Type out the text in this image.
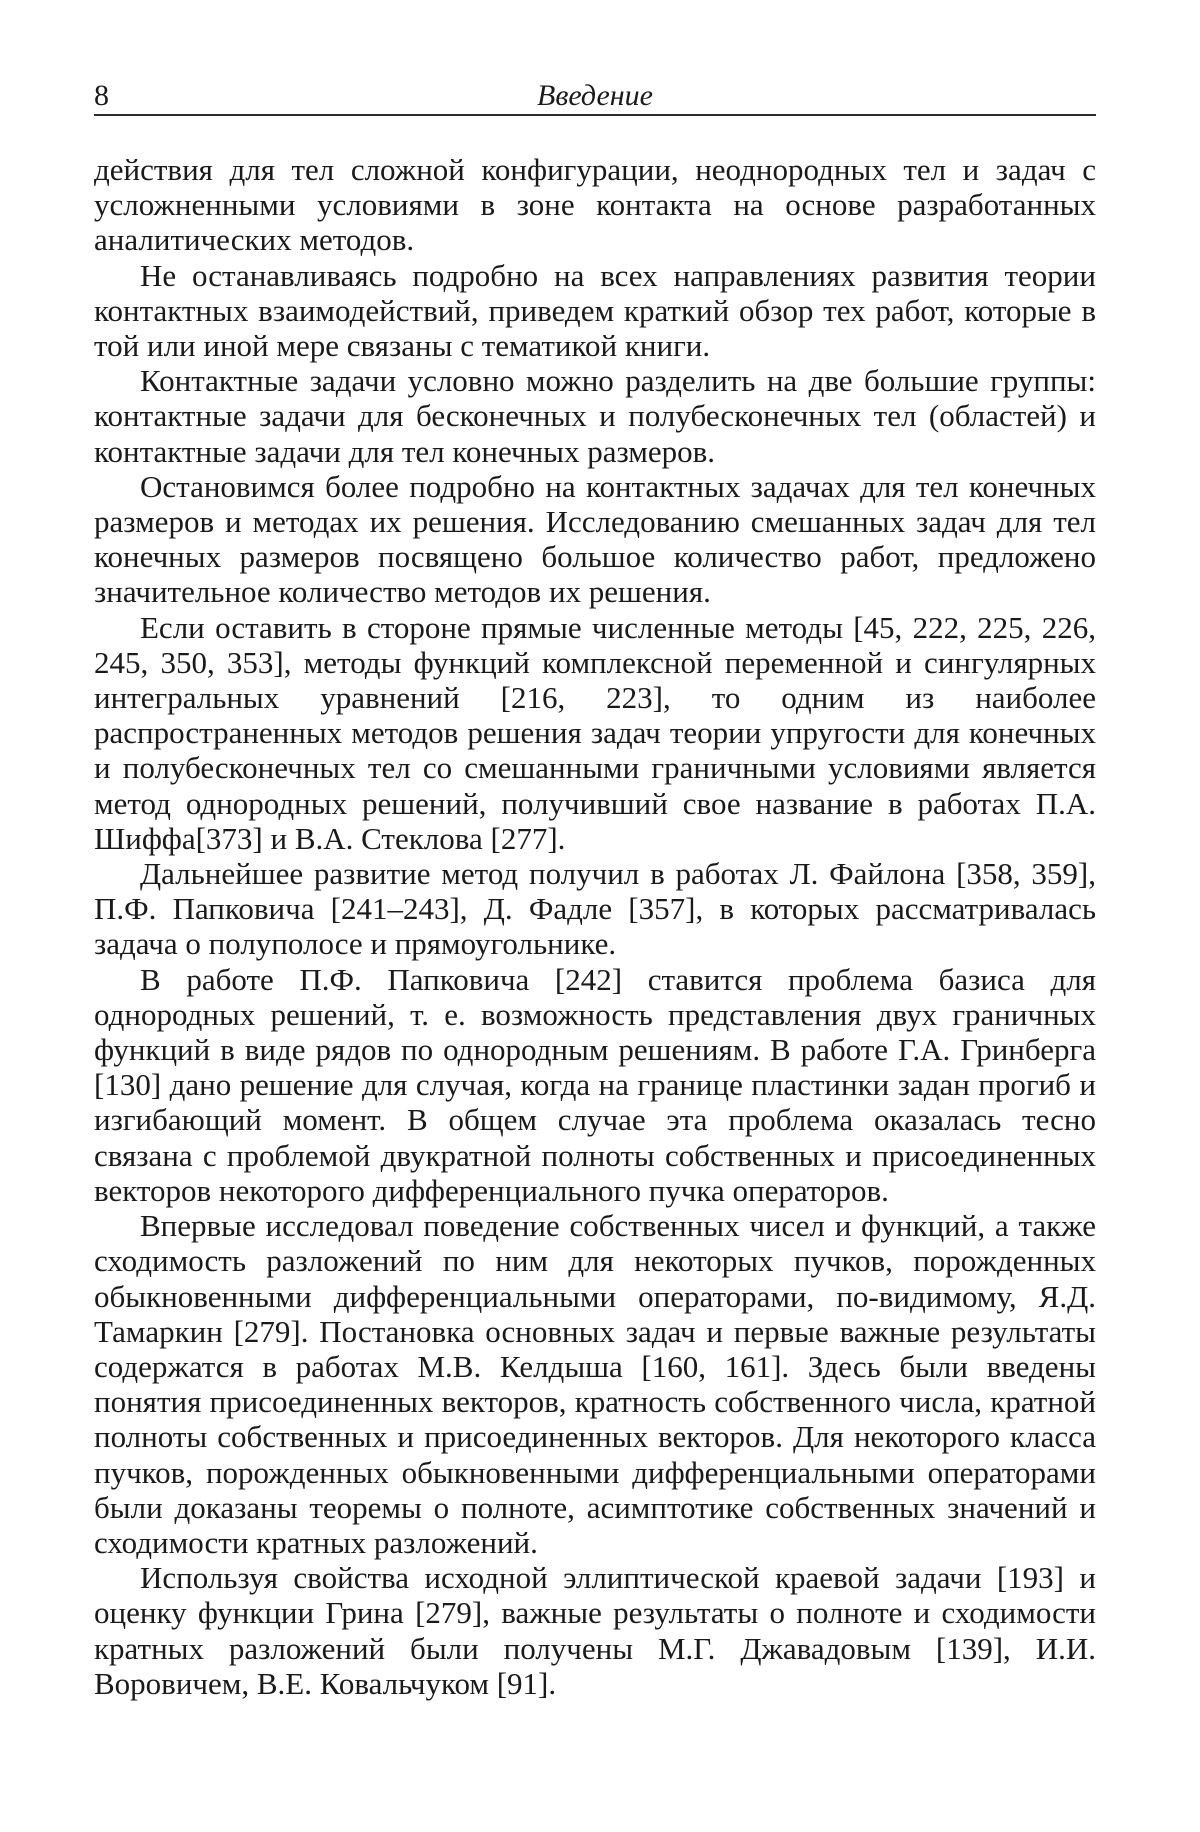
8	Введение

действия для тел сложной конфигурации, неоднородных тел и задач с усложненными условиями в зоне контакта на основе разработанных аналитических методов.

Не останавливаясь подробно на всех направлениях развития теории контактных взаимодействий, приведем краткий обзор тех работ, которые в той или иной мере связаны с тематикой книги.

Контактные задачи условно можно разделить на две большие группы: контактные задачи для бесконечных и полубесконечных тел (областей) и контактные задачи для тел конечных размеров.

Остановимся более подробно на контактных задачах для тел конечных размеров и методах их решения. Исследованию смешанных задач для тел конечных размеров посвящено большое количество работ, предложено значительное количество методов их решения.

Если оставить в стороне прямые численные методы [45, 222, 225, 226, 245, 350, 353], методы функций комплексной переменной и сингулярных интегральных уравнений [216, 223], то одним из наиболее распространенных методов решения задач теории упругости для конечных и полубесконечных тел со смешанными граничными условиями является метод однородных решений, получивший свое название в работах П.А. Шиффа[373] и В.А. Стеклова [277].

Дальнейшее развитие метод получил в работах Л. Файлона [358, 359], П.Ф. Папковича [241–243], Д. Фадле [357], в которых рассматривалась задача о полуполосе и прямоугольнике.

В работе П.Ф. Папковича [242] ставится проблема базиса для однородных решений, т. е. возможность представления двух граничных функций в виде рядов по однородным решениям. В работе Г.А. Гринберга [130] дано решение для случая, когда на границе пластинки задан прогиб и изгибающий момент. В общем случае эта проблема оказалась тесно связана с проблемой двукратной полноты собственных и присоединенных векторов некоторого дифференциального пучка операторов.

Впервые исследовал поведение собственных чисел и функций, а также сходимость разложений по ним для некоторых пучков, порожденных обыкновенными дифференциальными операторами, по-видимому, Я.Д. Тамаркин [279]. Постановка основных задач и первые важные результаты содержатся в работах М.В. Келдыша [160, 161]. Здесь были введены понятия присоединенных векторов, кратность собственного числа, кратной полноты собственных и присоединенных векторов. Для некоторого класса пучков, порожденных обыкновенными дифференциальными операторами были доказаны теоремы о полноте, асимптотике собственных значений и сходимости кратных разложений.

Используя свойства исходной эллиптической краевой задачи [193] и оценку функции Грина [279], важные результаты о полноте и сходимости кратных разложений были получены М.Г. Джавадовым [139], И.И. Воровичем, В.Е. Ковальчуком [91].
